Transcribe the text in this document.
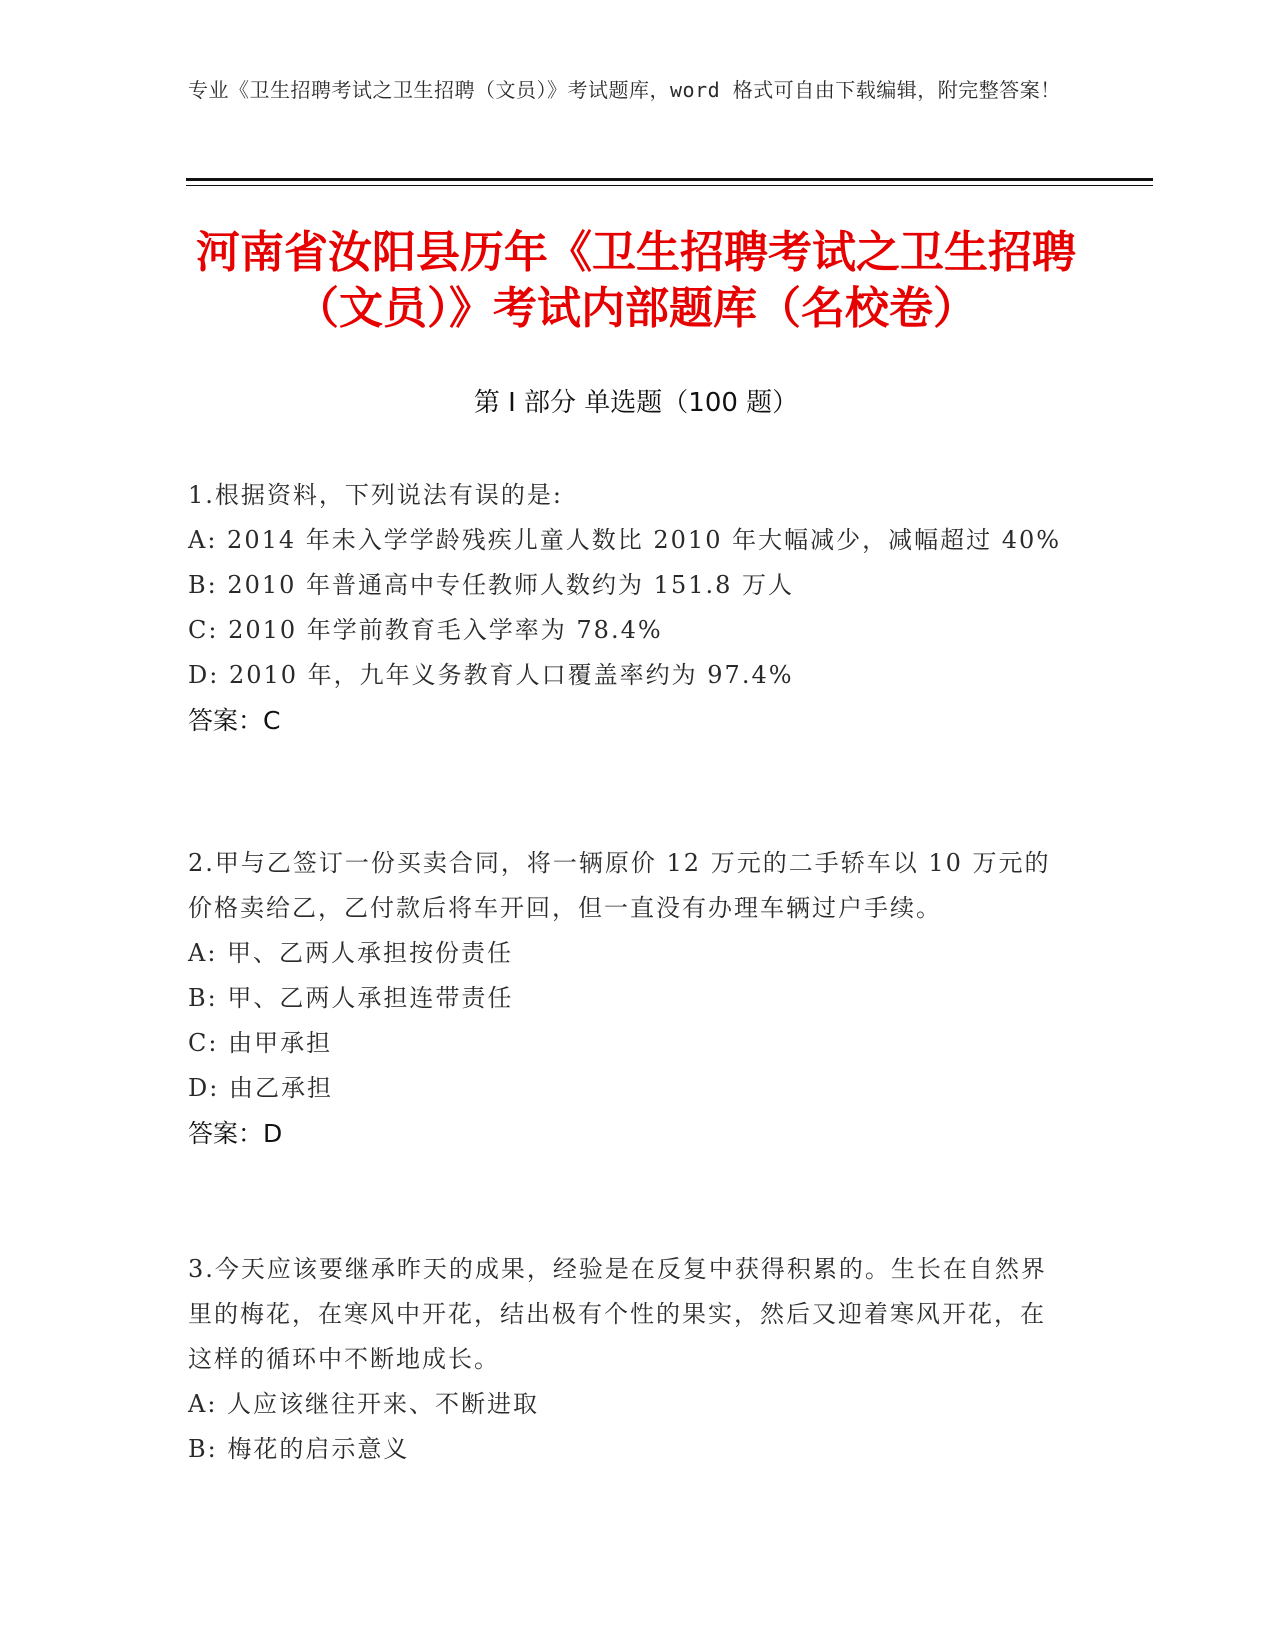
专业《卫生招聘考试之卫生招聘（文员）》考试题库，word 格式可自由下载编辑，附完整答案！
河南省汝阳县历年《卫生招聘考试之卫生招聘（文员）》考试内部题库（名校卷）
第 I 部分 单选题（100 题）
1.根据资料，下列说法有误的是:
A: 2014 年未入学学龄残疾儿童人数比 2010 年大幅减少，减幅超过 40%
B: 2010 年普通高中专任教师人数约为 151.8 万人
C: 2010 年学前教育毛入学率为 78.4%
D: 2010 年，九年义务教育人口覆盖率约为 97.4%
答案：C
2.甲与乙签订一份买卖合同，将一辆原价 12 万元的二手轿车以 10 万元的价格卖给乙，乙付款后将车开回，但一直没有办理车辆过户手续。
A: 甲、乙两人承担按份责任
B: 甲、乙两人承担连带责任
C: 由甲承担
D: 由乙承担
答案：D
3.今天应该要继承昨天的成果，经验是在反复中获得积累的。生长在自然界里的梅花，在寒风中开花，结出极有个性的果实，然后又迎着寒风开花，在这样的循环中不断地成长。
A: 人应该继往开来、不断进取
B: 梅花的启示意义
